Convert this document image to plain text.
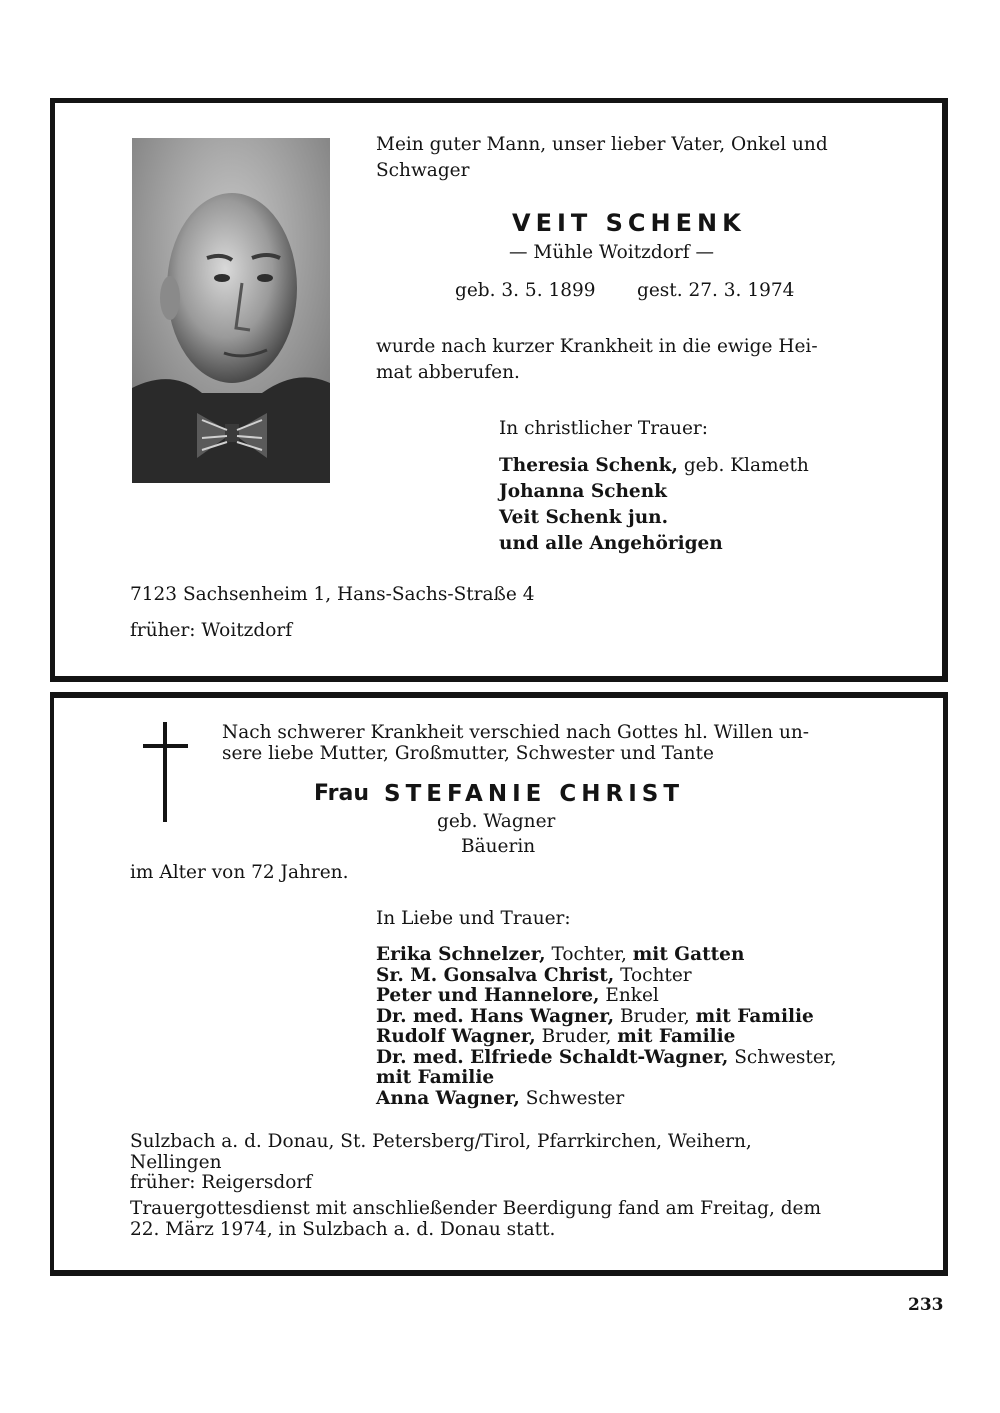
Mein guter Mann, unser lieber Vater, Onkel und
Schwager
VEIT SCHENK
— Mühle Woitzdorf —
geb. 3. 5. 1899 gest. 27. 3. 1974
wurde nach kurzer Krankheit in die ewige Hei-
mat abberufen.
In christlicher Trauer:
Theresia Schenk, geb. Klameth
Johanna Schenk
Veit Schenk jun.
und alle Angehörigen
7123 Sachsenheim 1, Hans-Sachs-Straße 4
früher: Woitzdorf
Nach schwerer Krankheit verschied nach Gottes hl. Willen un-
sere liebe Mutter, Großmutter, Schwester und Tante
Frau STEFANIE CHRIST
geb. Wagner
Bäuerin
im Alter von 72 Jahren.
In Liebe und Trauer:
Erika Schnelzer, Tochter, mit Gatten
Sr. M. Gonsalva Christ, Tochter
Peter und Hannelore, Enkel
Dr. med. Hans Wagner, Bruder, mit Familie
Rudolf Wagner, Bruder, mit Familie
Dr. med. Elfriede Schaldt-Wagner, Schwester,
mit Familie
Anna Wagner, Schwester
Sulzbach a. d. Donau, St. Petersberg/Tirol, Pfarrkirchen, Weihern,
Nellingen
früher: Reigersdorf
Trauergottesdienst mit anschließender Beerdigung fand am Freitag, dem
22. März 1974, in Sulzbach a. d. Donau statt.
233
